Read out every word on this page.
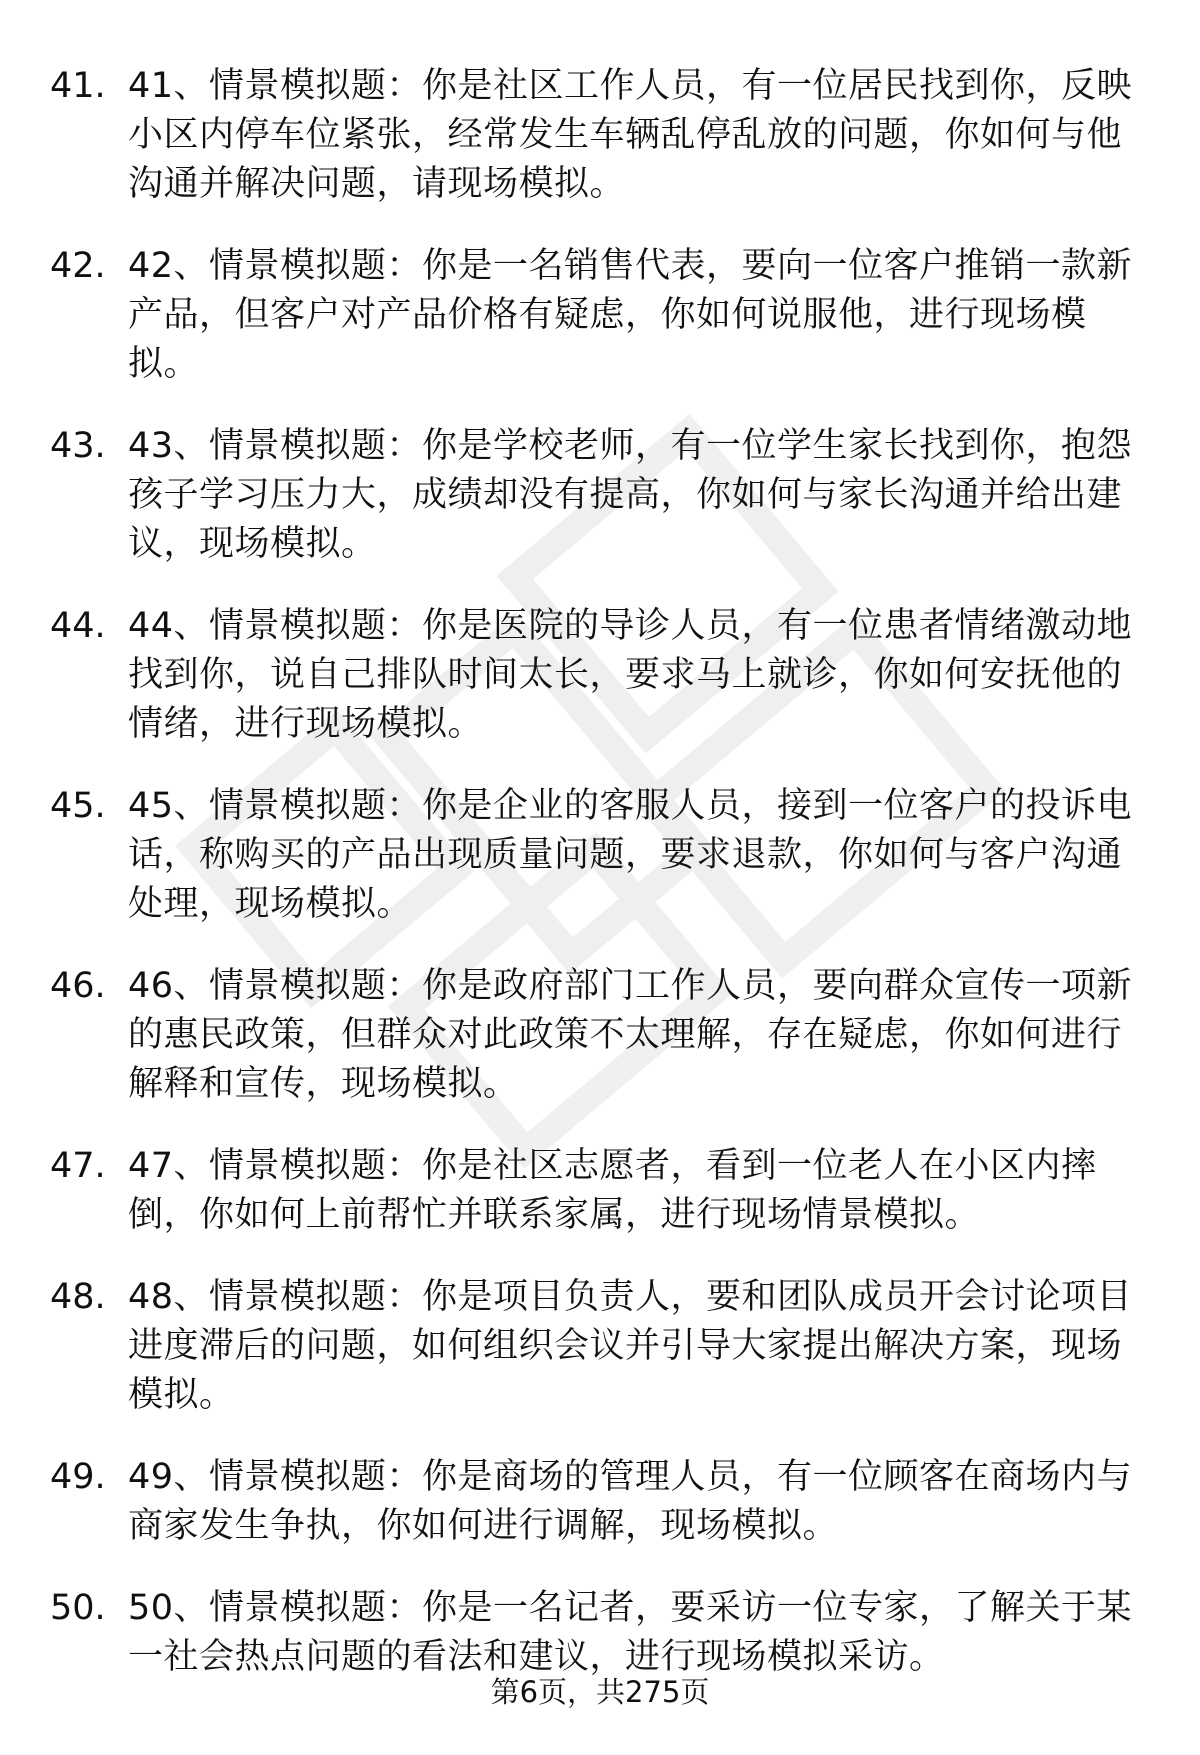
41. 41、情景模拟题：你是社区工作人员，有一位居民找到你，反映
小区内停车位紧张，经常发生车辆乱停乱放的问题，你如何与他
沟通并解决问题，请现场模拟。
42. 42、情景模拟题：你是一名销售代表，要向一位客户推销一款新
产品，但客户对产品价格有疑虑，你如何说服他，进行现场模
拟。
43. 43、情景模拟题：你是学校老师，有一位学生家长找到你，抱怨
孩子学习压力大，成绩却没有提高，你如何与家长沟通并给出建
议，现场模拟。
44. 44、情景模拟题：你是医院的导诊人员，有一位患者情绪激动地
找到你，说自己排队时间太长，要求马上就诊，你如何安抚他的
情绪，进行现场模拟。
45. 45、情景模拟题：你是企业的客服人员，接到一位客户的投诉电
话，称购买的产品出现质量问题，要求退款，你如何与客户沟通
处理，现场模拟。
46. 46、情景模拟题：你是政府部门工作人员，要向群众宣传一项新
的惠民政策，但群众对此政策不太理解，存在疑虑，你如何进行
解释和宣传，现场模拟。
47. 47、情景模拟题：你是社区志愿者，看到一位老人在小区内摔
倒，你如何上前帮忙并联系家属，进行现场情景模拟。
48. 48、情景模拟题：你是项目负责人，要和团队成员开会讨论项目
进度滞后的问题，如何组织会议并引导大家提出解决方案，现场
模拟。
49. 49、情景模拟题：你是商场的管理人员，有一位顾客在商场内与
商家发生争执，你如何进行调解，现场模拟。
50. 50、情景模拟题：你是一名记者，要采访一位专家，了解关于某
一社会热点问题的看法和建议，进行现场模拟采访。
第6页，共275页
